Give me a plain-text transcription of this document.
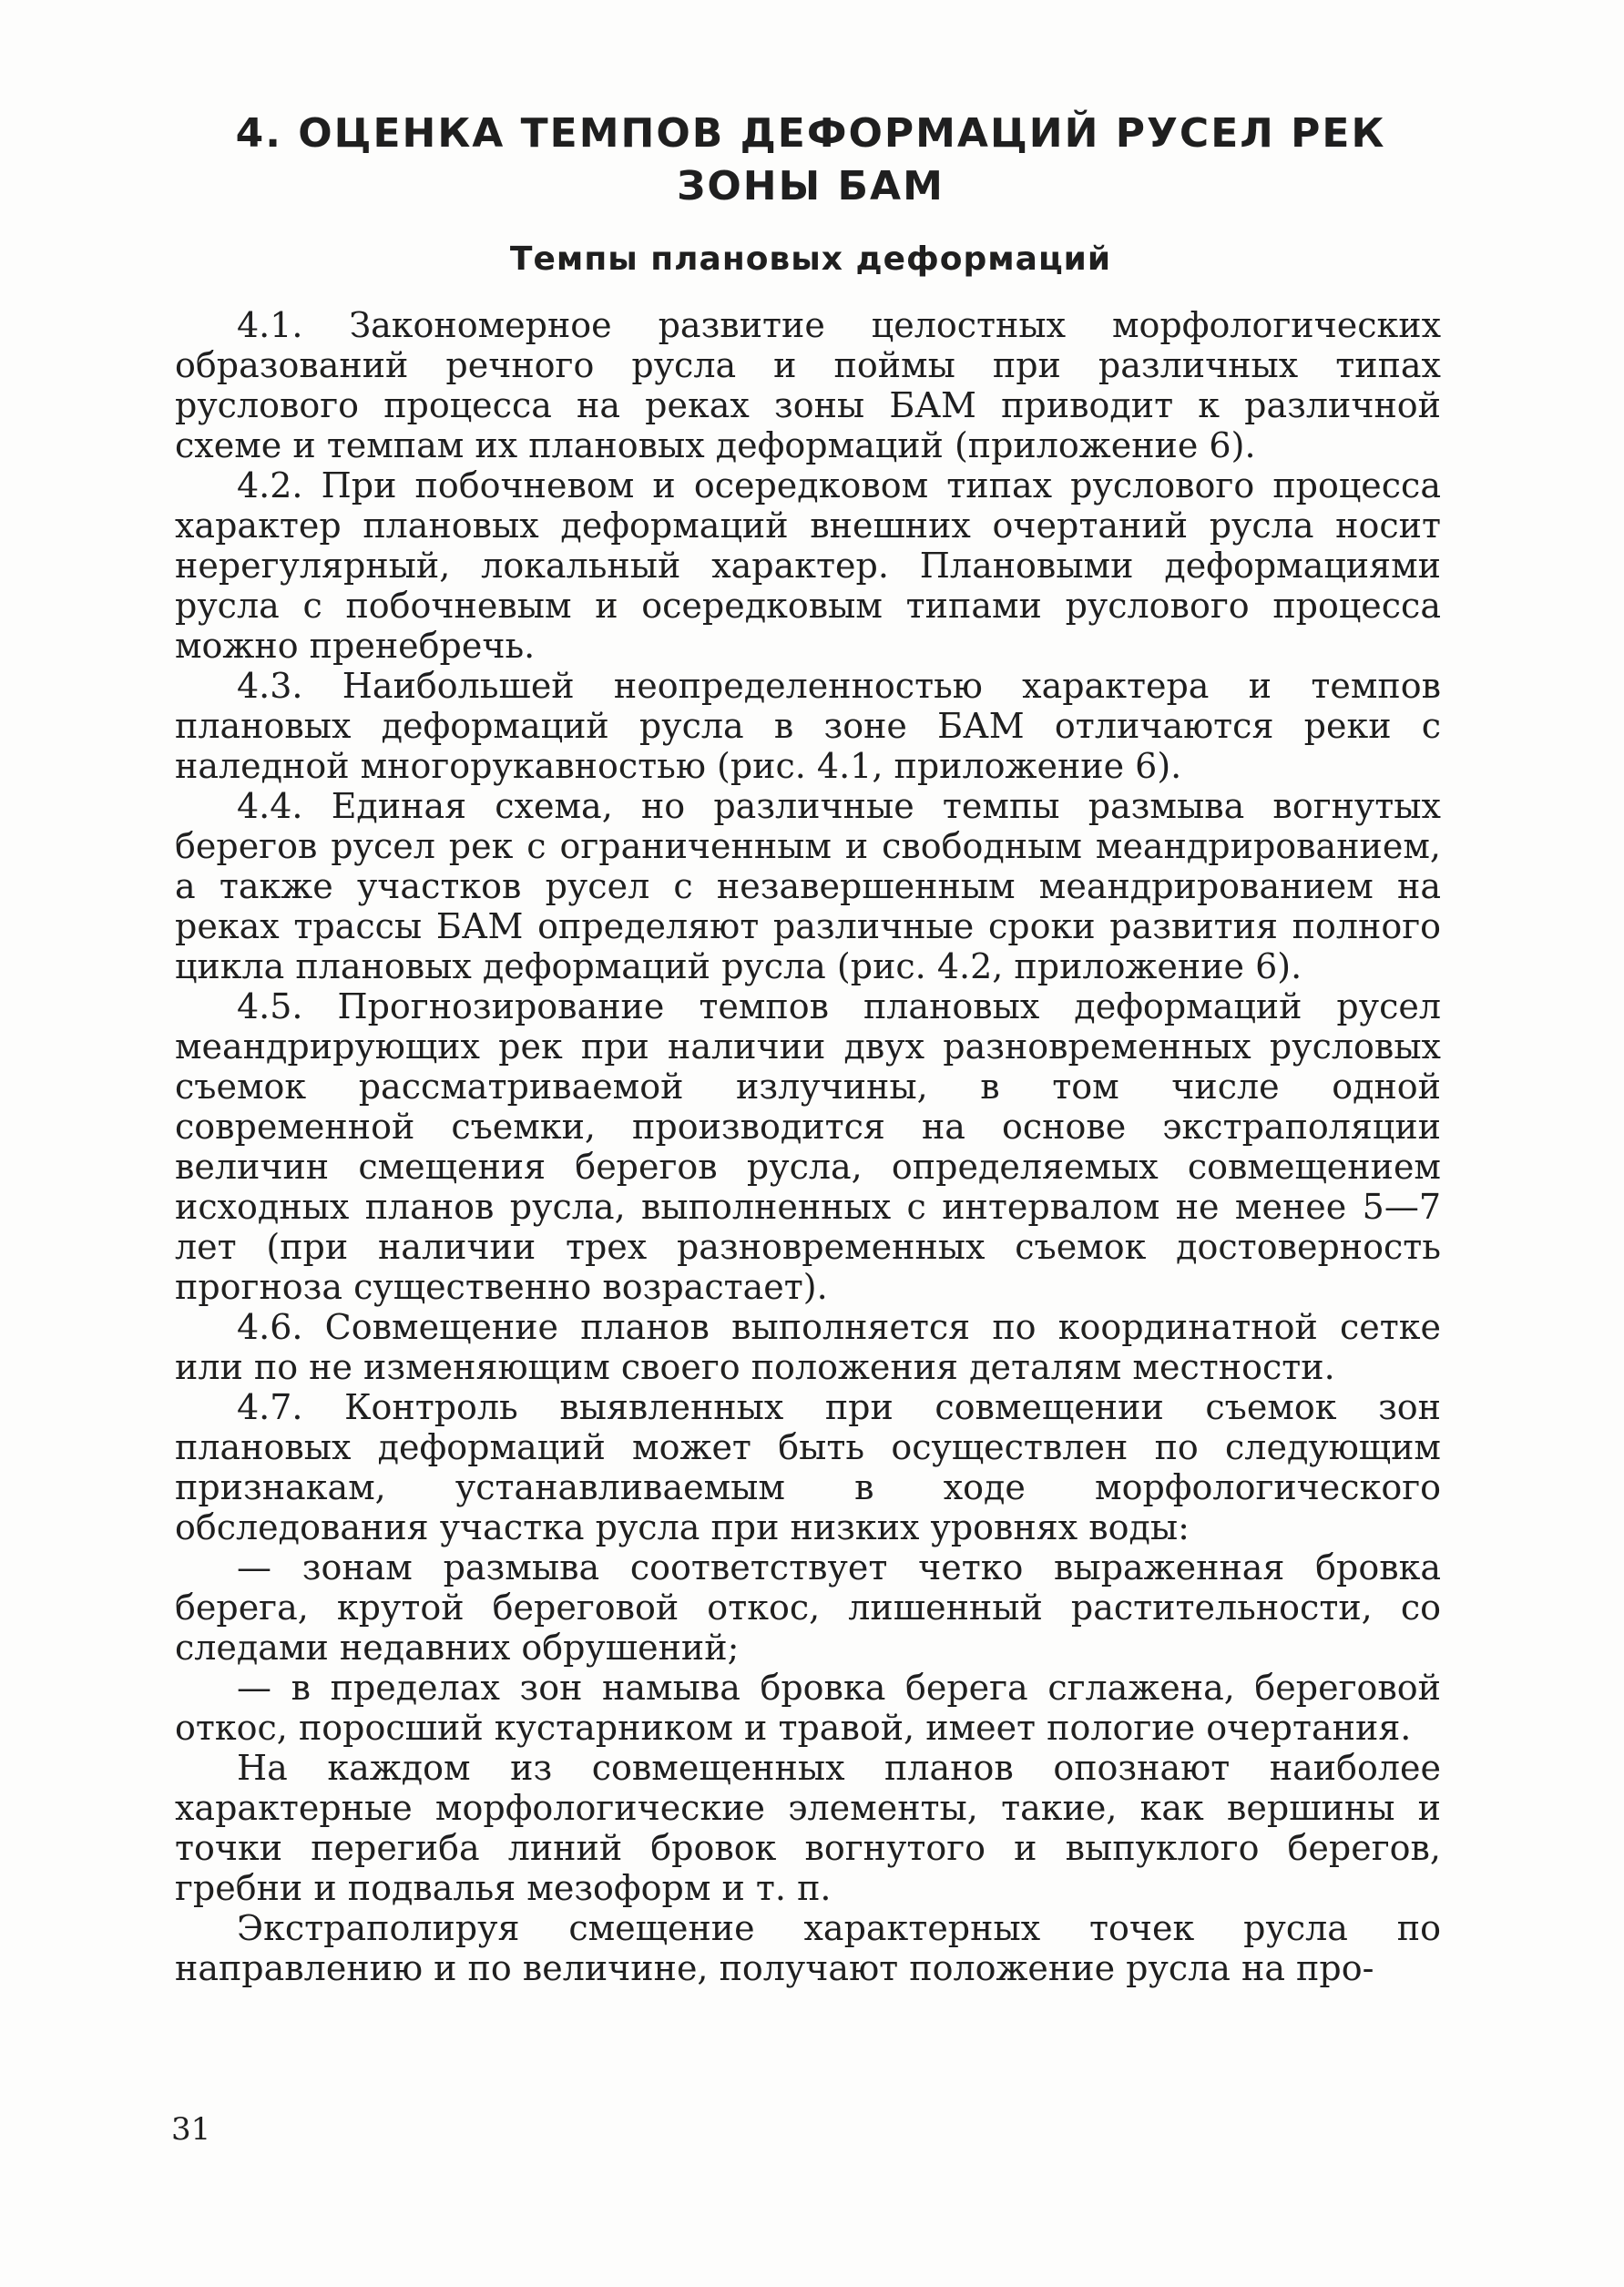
4. ОЦЕНКА ТЕМПОВ ДЕФОРМАЦИЙ РУСЕЛ РЕК ЗОНЫ БАМ
Темпы плановых деформаций

4.1. Закономерное развитие целостных морфологических образований речного русла и поймы при различных типах руслового процесса на реках зоны БАМ приводит к различной схеме и темпам их плановых деформаций (приложение 6).

4.2. При побочневом и осередковом типах руслового процесса характер плановых деформаций внешних очертаний русла носит нерегулярный, локальный характер. Плановыми деформациями русла с побочневым и осередковым типами руслового процесса можно пренебречь.

4.3. Наибольшей неопределенностью характера и темпов плановых деформаций русла в зоне БАМ отличаются реки с наледной многорукавностью (рис. 4.1, приложение 6).

4.4. Единая схема, но различные темпы размыва вогнутых берегов русел рек с ограниченным и свободным меандрированием, а также участков русел с незавершенным меандрированием на реках трассы БАМ определяют различные сроки развития полного цикла плановых деформаций русла (рис. 4.2, приложение 6).

4.5. Прогнозирование темпов плановых деформаций русел меандрирующих рек при наличии двух разновременных русловых съемок рассматриваемой излучины, в том числе одной современной съемки, производится на основе экстраполяции величин смещения берегов русла, определяемых совмещением исходных планов русла, выполненных с интервалом не менее 5—7 лет (при наличии трех разновременных съемок достоверность прогноза существенно возрастает).

4.6. Совмещение планов выполняется по координатной сетке или по не изменяющим своего положения деталям местности.

4.7. Контроль выявленных при совмещении съемок зон плановых деформаций может быть осуществлен по следующим признакам, устанавливаемым в ходе морфологического обследования участка русла при низких уровнях воды:

— зонам размыва соответствует четко выраженная бровка берега, крутой береговой откос, лишенный растительности, со следами недавних обрушений;

— в пределах зон намыва бровка берега сглажена, береговой откос, поросший кустарником и травой, имеет пологие очертания.

На каждом из совмещенных планов опознают наиболее характерные морфологические элементы, такие, как вершины и точки перегиба линий бровок вогнутого и выпуклого берегов, гребни и подвалья мезоформ и т. п.

Экстраполируя смещение характерных точек русла по направлению и по величине, получают положение русла на про-

31
